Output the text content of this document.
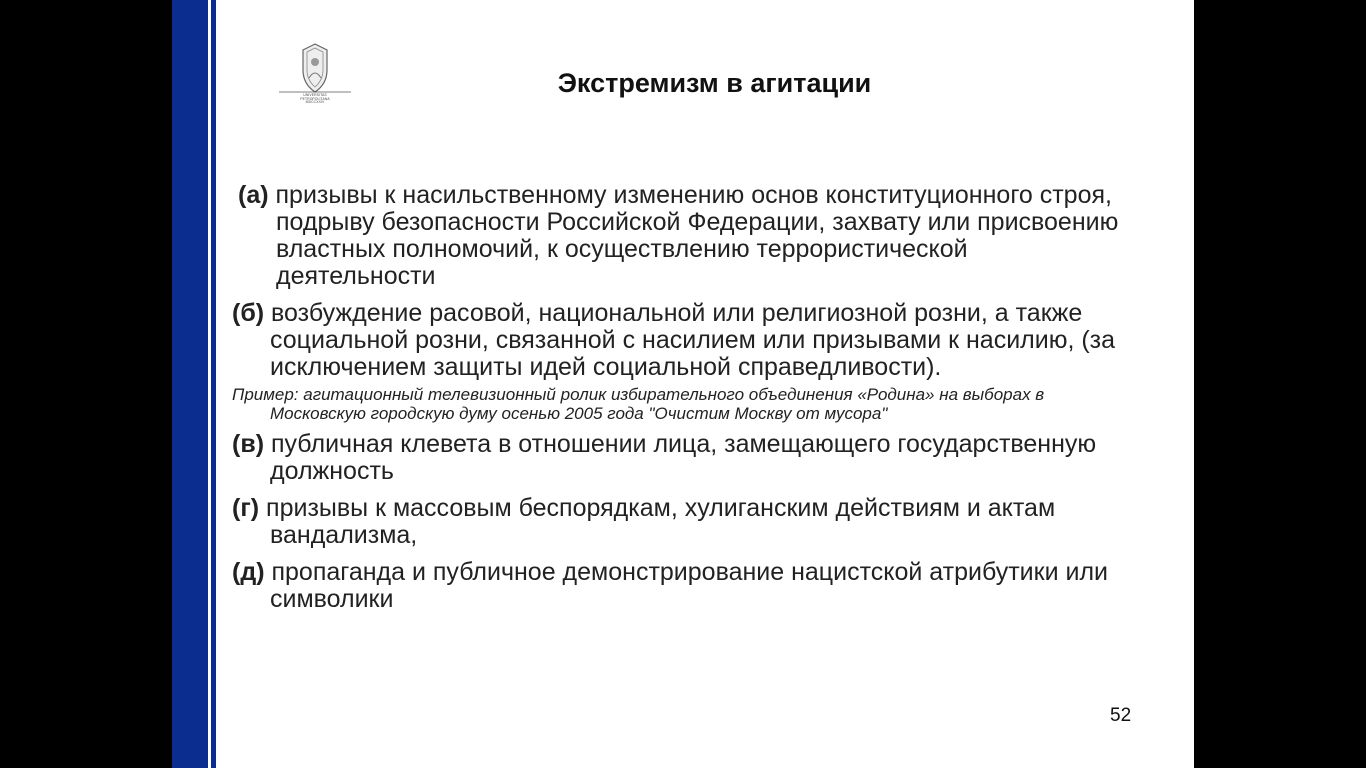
UNIVERSITAS
PETROPOLITANA
MDCCXXIV
Экстремизм в агитации
(а) призывы к насильственному изменению основ конституционного строя, подрыву безопасности Российской Федерации, захвату или присвоению властных полномочий, к осуществлению террористической деятельности
(б) возбуждение расовой, национальной или религиозной розни, а также социальной розни, связанной с насилием или призывами к насилию, (за исключением защиты идей социальной справедливости).
Пример: агитационный телевизионный ролик избирательного объединения «Родина» на выборах в Московскую городскую думу осенью 2005 года "Очистим Москву от мусора"
(в) публичная клевета в отношении лица, замещающего государственную должность
(г) призывы к массовым беспорядкам, хулиганским действиям и актам вандализма,
(д) пропаганда и публичное демонстрирование нацистской атрибутики или символики
52
